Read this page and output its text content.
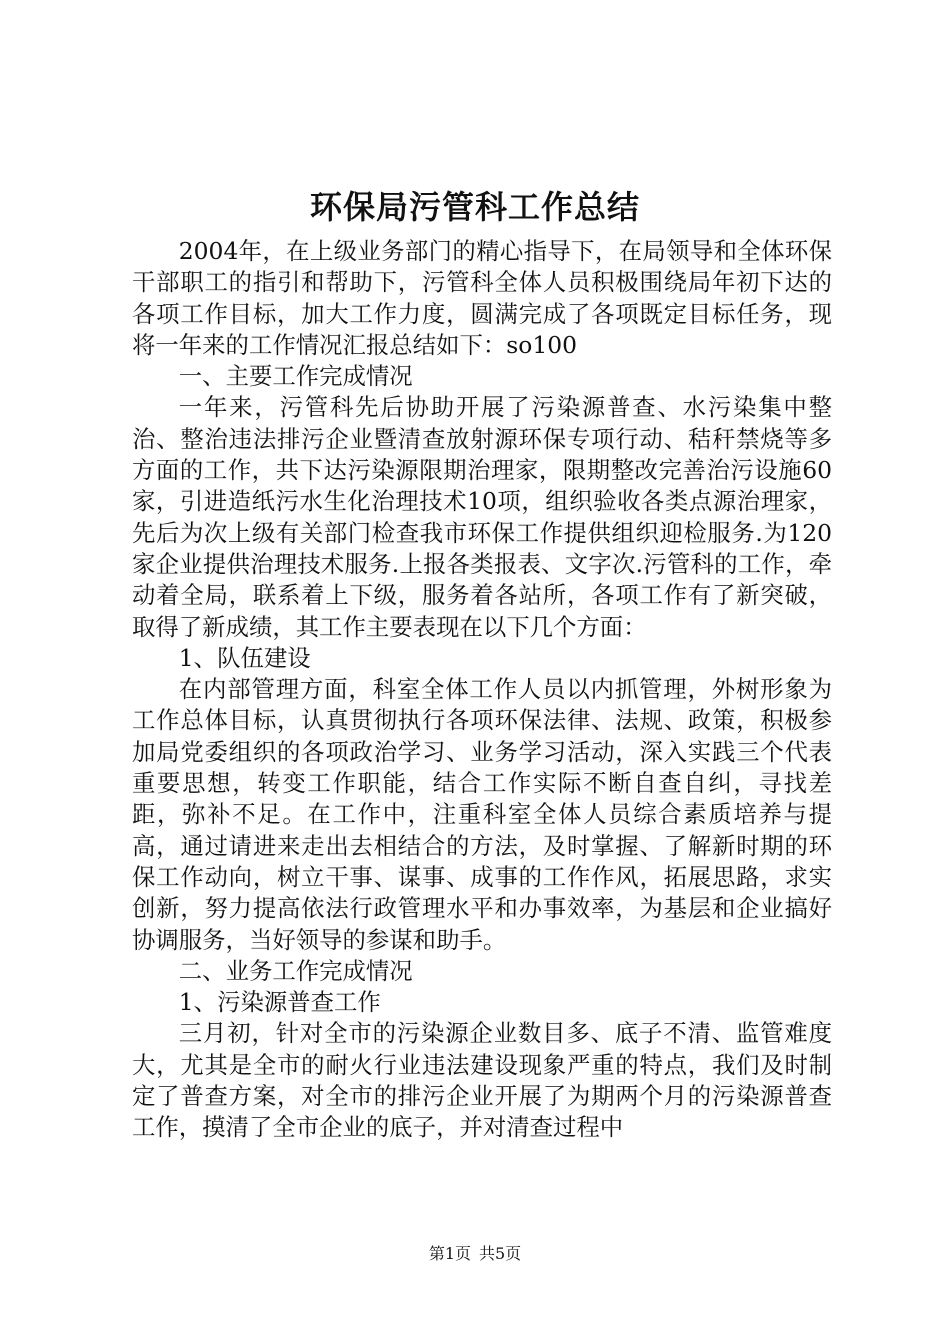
环保局污管科工作总结

2004年，在上级业务部门的精心指导下，在局领导和全体环保干部职工的指引和帮助下，污管科全体人员积极围绕局年初下达的各项工作目标，加大工作力度，圆满完成了各项既定目标任务，现将一年来的工作情况汇报总结如下：so100

一、主要工作完成情况

一年来，污管科先后协助开展了污染源普查、水污染集中整治、整治违法排污企业暨清查放射源环保专项行动、秸秆禁烧等多方面的工作，共下达污染源限期治理家，限期整改完善治污设施60家，引进造纸污水生化治理技术10项，组织验收各类点源治理家，先后为次上级有关部门检查我市环保工作提供组织迎检服务.为120家企业提供治理技术服务.上报各类报表、文字次.污管科的工作，牵动着全局，联系着上下级，服务着各站所，各项工作有了新突破，取得了新成绩，其工作主要表现在以下几个方面：

1、队伍建设

在内部管理方面，科室全体工作人员以内抓管理，外树形象为工作总体目标，认真贯彻执行各项环保法律、法规、政策，积极参加局党委组织的各项政治学习、业务学习活动，深入实践三个代表重要思想，转变工作职能，结合工作实际不断自查自纠，寻找差距，弥补不足。在工作中，注重科室全体人员综合素质培养与提高，通过请进来走出去相结合的方法，及时掌握、了解新时期的环保工作动向，树立干事、谋事、成事的工作作风，拓展思路，求实创新，努力提高依法行政管理水平和办事效率，为基层和企业搞好协调服务，当好领导的参谋和助手。

二、业务工作完成情况

1、污染源普查工作

三月初，针对全市的污染源企业数目多、底子不清、监管难度大，尤其是全市的耐火行业违法建设现象严重的特点，我们及时制定了普查方案，对全市的排污企业开展了为期两个月的污染源普查工作，摸清了全市企业的底子，并对清查过程中

第1页 共5页
